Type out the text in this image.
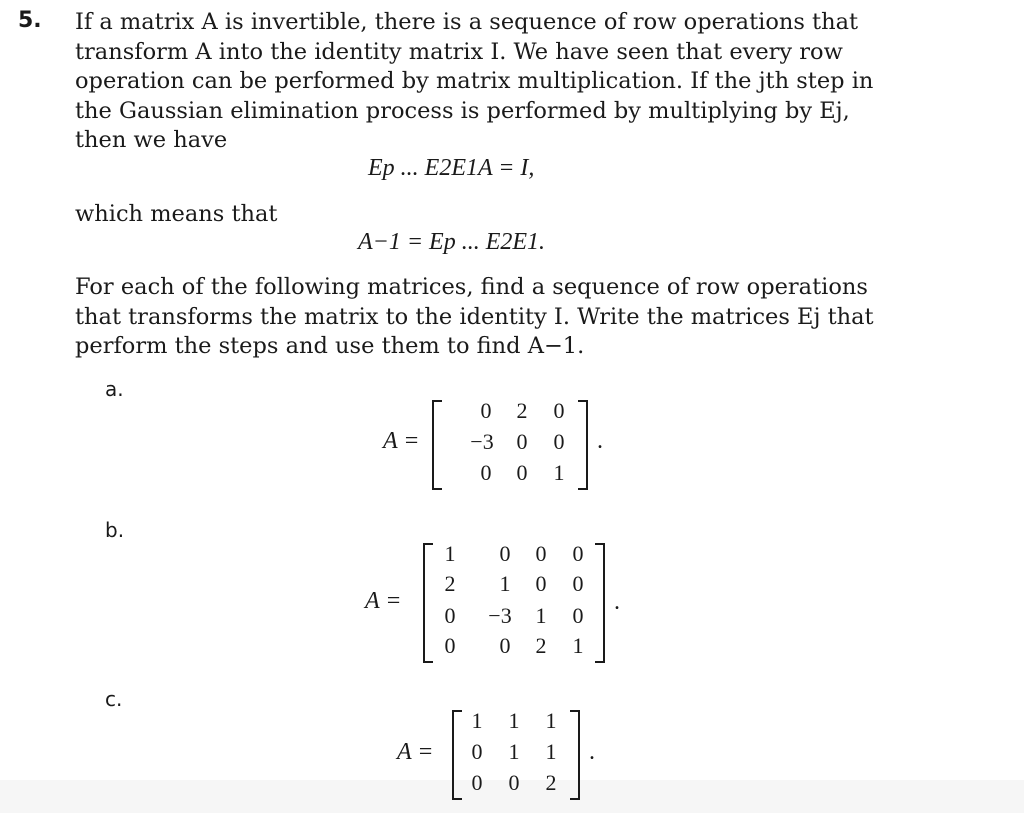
5. If a matrix A is invertible, there is a sequence of row operations that
transform A into the identity matrix I. We have seen that every row
operation can be performed by matrix multiplication. If the jth step in
the Gaussian elimination process is performed by multiplying by Ej,
then we have
Ep ... E2E1A = I,
which means that
A−1 = Ep ... E2E1.
For each of the following matrices, find a sequence of row operations
that transforms the matrix to the identity I. Write the matrices Ej that
perform the steps and use them to find A−1.
a.
A =
0	2	0
−3	0	0
0	0	1
.
b.
A =
1	0	0	0
2	1	0	0
0	−3	1	0
0	0	2	1
.
c.
A =
1	1	1
0	1	1
0	0	2
.
